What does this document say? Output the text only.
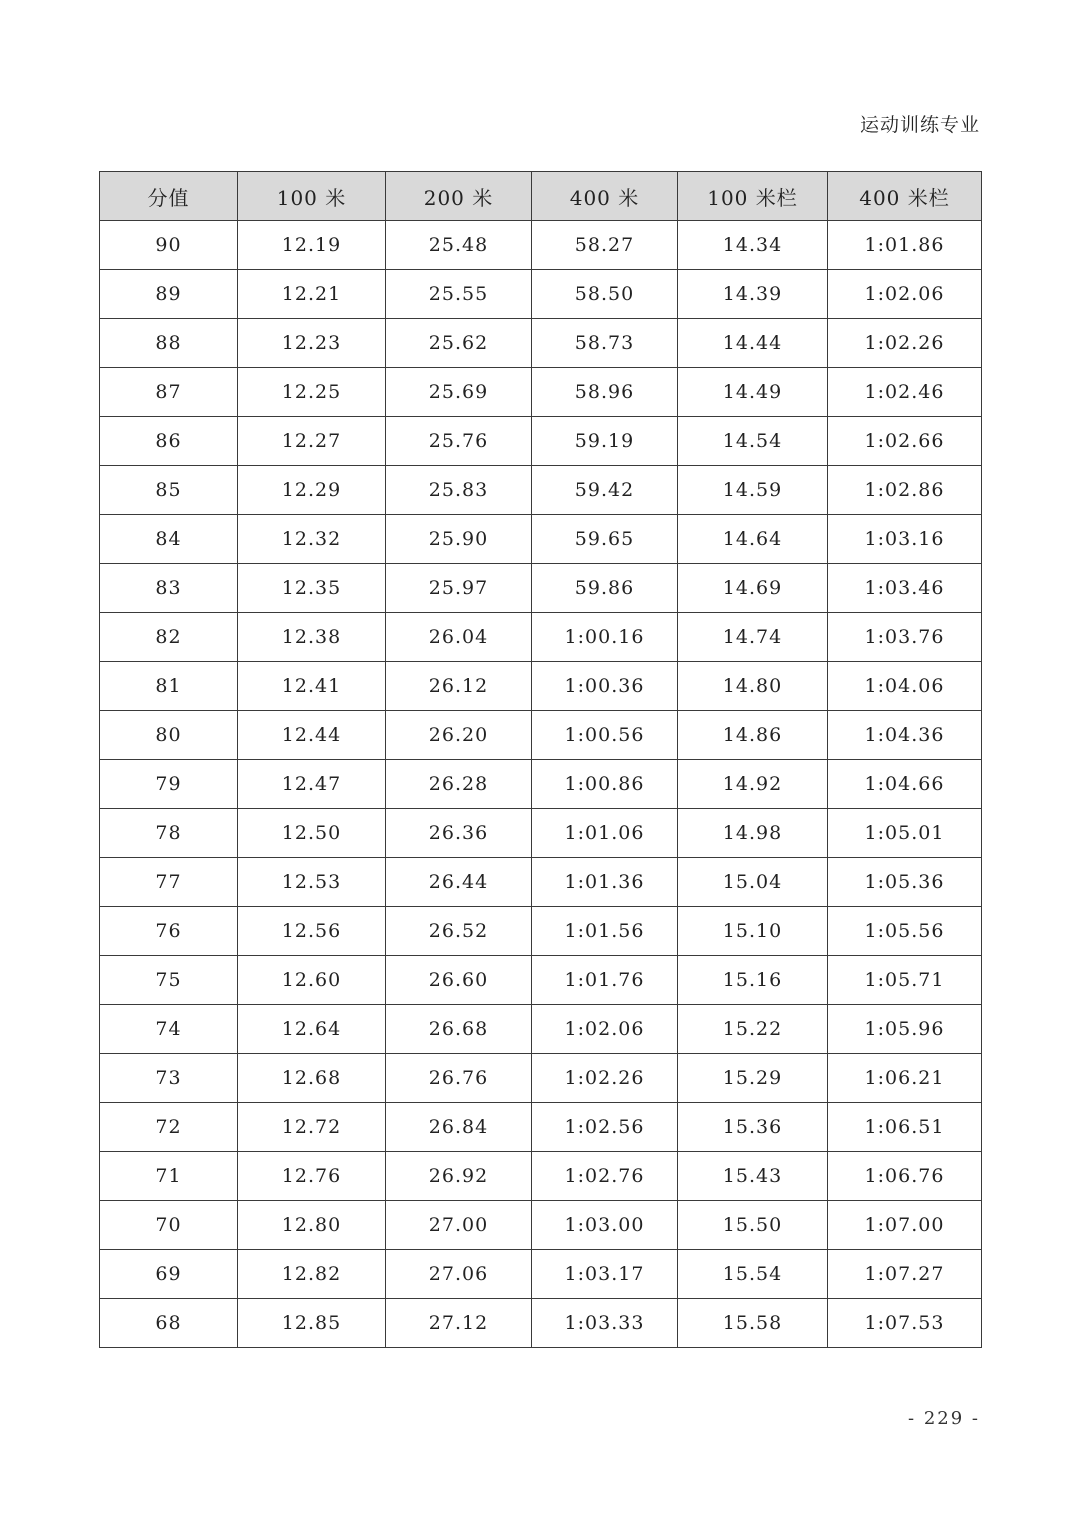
运动训练专业
分值	100 米	200 米	400 米	100 米栏	400 米栏
90	12.19	25.48	58.27	14.34	1:01.86
89	12.21	25.55	58.50	14.39	1:02.06
88	12.23	25.62	58.73	14.44	1:02.26
87	12.25	25.69	58.96	14.49	1:02.46
86	12.27	25.76	59.19	14.54	1:02.66
85	12.29	25.83	59.42	14.59	1:02.86
84	12.32	25.90	59.65	14.64	1:03.16
83	12.35	25.97	59.86	14.69	1:03.46
82	12.38	26.04	1:00.16	14.74	1:03.76
81	12.41	26.12	1:00.36	14.80	1:04.06
80	12.44	26.20	1:00.56	14.86	1:04.36
79	12.47	26.28	1:00.86	14.92	1:04.66
78	12.50	26.36	1:01.06	14.98	1:05.01
77	12.53	26.44	1:01.36	15.04	1:05.36
76	12.56	26.52	1:01.56	15.10	1:05.56
75	12.60	26.60	1:01.76	15.16	1:05.71
74	12.64	26.68	1:02.06	15.22	1:05.96
73	12.68	26.76	1:02.26	15.29	1:06.21
72	12.72	26.84	1:02.56	15.36	1:06.51
71	12.76	26.92	1:02.76	15.43	1:06.76
70	12.80	27.00	1:03.00	15.50	1:07.00
69	12.82	27.06	1:03.17	15.54	1:07.27
68	12.85	27.12	1:03.33	15.58	1:07.53
- 229 -
